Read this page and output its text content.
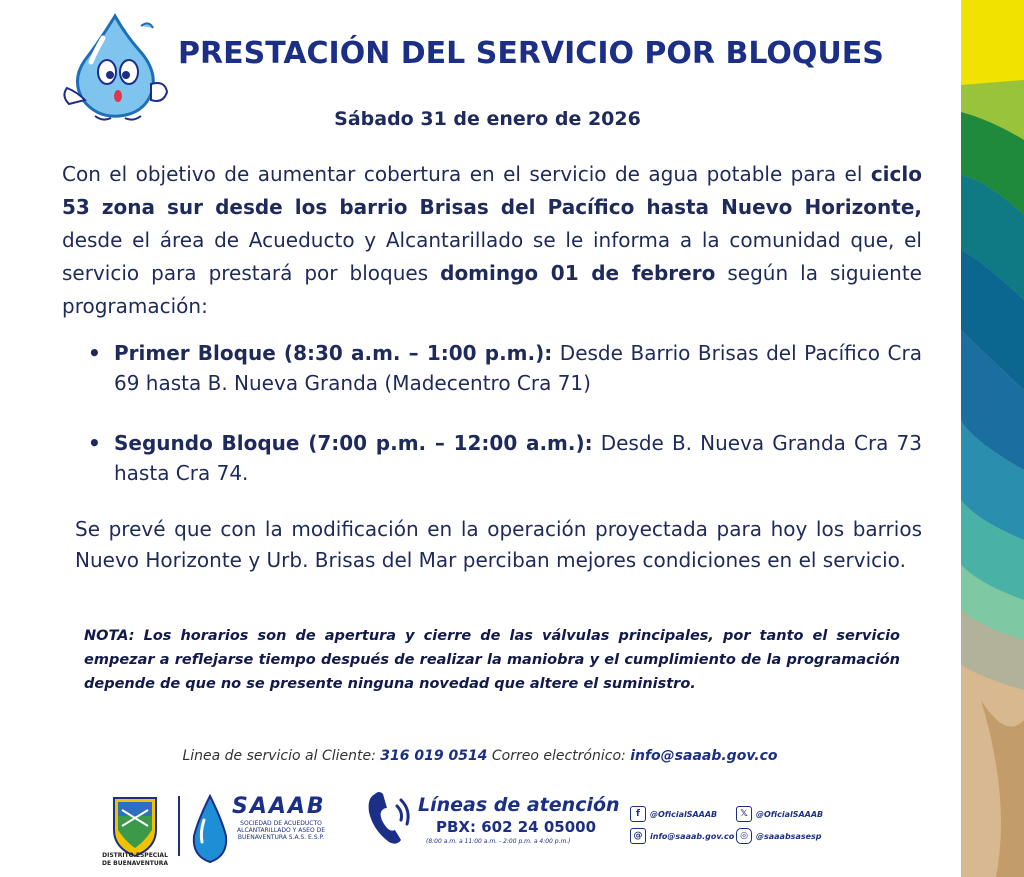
PRESTACIÓN DEL SERVICIO POR BLOQUES
Sábado 31 de enero de 2026
Con el objetivo de aumentar cobertura en el servicio de agua potable para el ciclo 53 zona sur desde los barrio Brisas del Pacífico hasta Nuevo Horizonte, desde el área de Acueducto y Alcantarillado se le informa a la comunidad que, el servicio para prestará por bloques domingo 01 de febrero según la siguiente programación:
• Primer Bloque (8:30 a.m. – 1:00 p.m.): Desde Barrio Brisas del Pacífico Cra 69 hasta B. Nueva Granda (Madecentro Cra 71)
• Segundo Bloque (7:00 p.m. – 12:00 a.m.): Desde B. Nueva Granda Cra 73 hasta Cra 74.
Se prevé que con la modificación en la operación proyectada para hoy los barrios Nuevo Horizonte y Urb. Brisas del Mar perciban mejores condiciones en el servicio.
NOTA: Los horarios son de apertura y cierre de las válvulas principales, por tanto el servicio empezar a reflejarse tiempo después de realizar la maniobra y el cumplimiento de la programación depende de que no se presente ninguna novedad que altere el suministro.
Linea de servicio al Cliente: 316 019 0514 Correo electrónico: info@saaab.gov.co
DISTRITO ESPECIAL DE BUENAVENTURA
SAAAB
SOCIEDAD DE ACUEDUCTO ALCANTARILLADO Y ASEO DE BUENAVENTURA S.A.S. E.S.P.
Líneas de atención
PBX: 602 24 05000
(8:00 a.m. a 11:00 a.m. - 2:00 p.m. a 4:00 p.m.)
f	@OficialSAAAB	𝕏	@OficialSAAAB
@ info@saaab.gov.co ◎	@saaabsasesp
